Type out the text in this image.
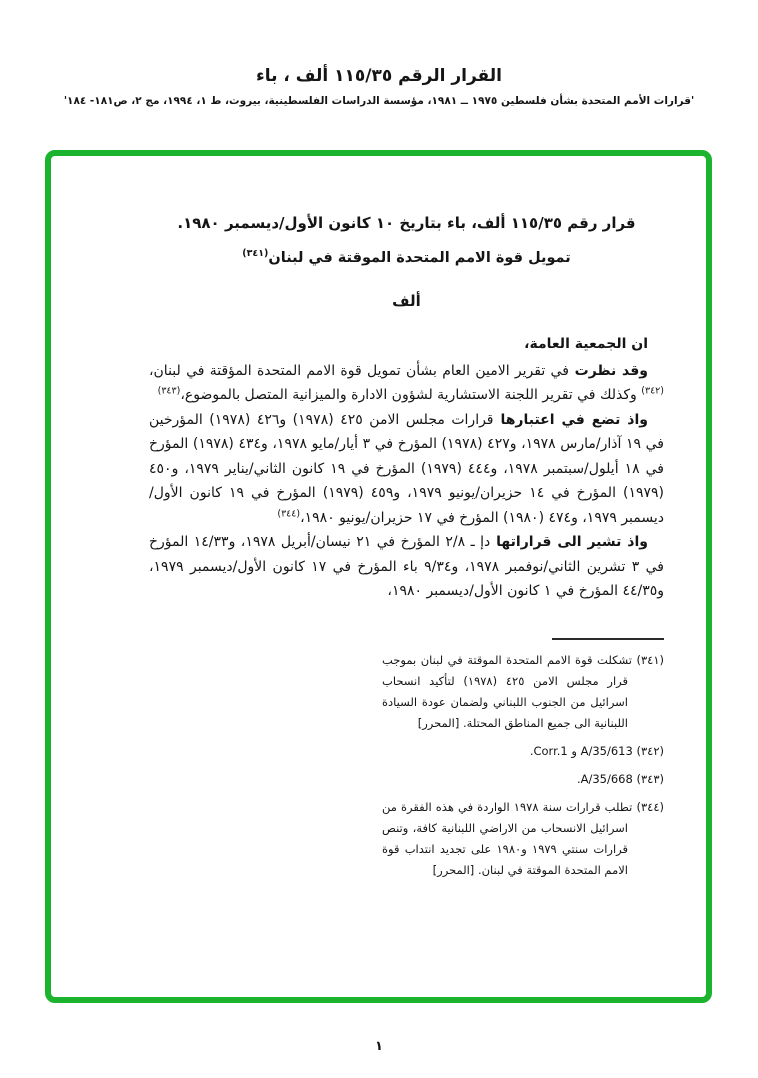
القرار الرقم ١١٥/٣٥ ألف ، باء
'قرارات الأمم المتحدة بشأن فلسطين ١٩٧٥ ــ ١٩٨١، مؤسسة الدراسات الفلسطينية، بيروت، ط ١، ١٩٩٤، مج ٢، ص١٨١- ١٨٤'

قرار رقم ١١٥/٣٥ ألف، باء بتاريخ ١٠ كانون الأول/ديسمبر ١٩٨٠.

تمويل قوة الامم المتحدة الموقتة في لبنان$^{(٣٤١)}$

ألف

ان الجمعية العامة،

وقد نظرت في تقرير الامين العام بشأن تمويل قوة الامم المتحدة المؤقتة في لبنان،$^{(٣٤٢)}$ وكذلك في تقرير اللجنة الاستشارية لشؤون الادارة والميزانية المتصل بالموضوع،$^{(٣٤٣)}$

واذ تضع في اعتبارها قرارات مجلس الامن ٤٢٥ (١٩٧٨) و٤٢٦ (١٩٧٨) المؤرخين في ١٩ آذار/مارس ١٩٧٨، و٤٢٧ (١٩٧٨) المؤرخ في ٣ أيار/مايو ١٩٧٨، و٤٣٤ (١٩٧٨) المؤرخ في ١٨ أيلول/سبتمبر ١٩٧٨، و٤٤٤ (١٩٧٩) المؤرخ في ١٩ كانون الثاني/يناير ١٩٧٩، و٤٥٠ (١٩٧٩) المؤرخ في ١٤ حزيران/يونيو ١٩٧٩، و٤٥٩ (١٩٧٩) المؤرخ في ١٩ كانون الأول/ديسمبر ١٩٧٩، و٤٧٤ (١٩٨٠) المؤرخ في ١٧ حزيران/يونيو ١٩٨٠،$^{(٣٤٤)}$

واذ تشير الى قراراتها دإ ـ ٢/٨ المؤرخ في ٢١ نيسان/أبريل ١٩٧٨، و١٤/٣٣ المؤرخ في ٣ تشرين الثاني/نوفمبر ١٩٧٨، و٩/٣٤ باء المؤرخ في ١٧ كانون الأول/ديسمبر ١٩٧٩، و٤٤/٣٥ المؤرخ في ١ كانون الأول/ديسمبر ١٩٨٠،

(٣٤١) تشكلت قوة الامم المتحدة الموقتة في لبنان بموجب قرار مجلس الامن ٤٢٥ (١٩٧٨) لتأكيد انسحاب اسرائيل من الجنوب اللبناني ولضمان عودة السيادة اللبنانية الى جميع المناطق المحتلة. [المحرر]

(٣٤٢) A/35/613 و Corr.1.

(٣٤٣) A/35/668.

(٣٤٤) تطلب قرارات سنة ١٩٧٨ الواردة في هذه الفقرة من اسرائيل الانسحاب من الاراضي اللبنانية كافة، وتنص قرارات سنتي ١٩٧٩ و١٩٨٠ على تجديد انتداب قوة الامم المتحدة الموقتة في لبنان. [المحرر]

١
